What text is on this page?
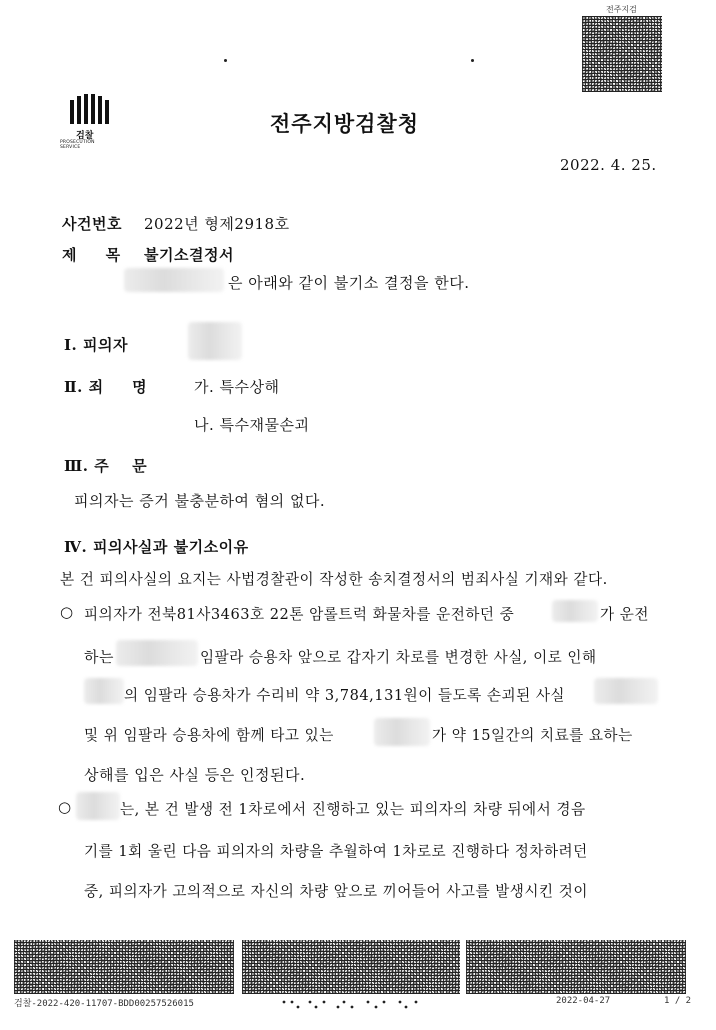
전주지검
검찰
PROSECUTION SERVICE
전주지방검찰청
2022. 4. 25.
사건번호 2022년 형제2918호
제     목 불기소결정서
은 아래와 같이 불기소 결정을 한다.
Ⅰ. 피의자
Ⅱ. 죄     명	가. 특수상해
나. 특수재물손괴
Ⅲ. 주    문
피의자는 증거 불충분하여 혐의 없다.
Ⅳ. 피의사실과 불기소이유
본 건 피의사실의 요지는 사법경찰관이 작성한 송치결정서의 범죄사실 기재와 같다.
○ 피의자가 전북81사3463호 22톤 암롤트럭 화물차를 운전하던 중	가 운전
하는	임팔라 승용차 앞으로 갑자기 차로를 변경한 사실, 이로 인해
의 임팔라 승용차가 수리비 약 3,784,131원이 들도록 손괴된 사실
및 위 임팔라 승용차에 함께 타고 있는	가 약 15일간의 치료를 요하는
상해를 입은 사실 등은 인정된다.
○	는, 본 건 발생 전 1차로에서 진행하고 있는 피의자의 차량 뒤에서 경음
기를 1회 울린 다음 피의자의 차량을 추월하여 1차로로 진행하다 정차하려던
중, 피의자가 고의적으로 자신의 차량 앞으로 끼어들어 사고를 발생시킨 것이
검찰-2022-420-11707-BDD00257526015	2022-04-27	1 / 2
